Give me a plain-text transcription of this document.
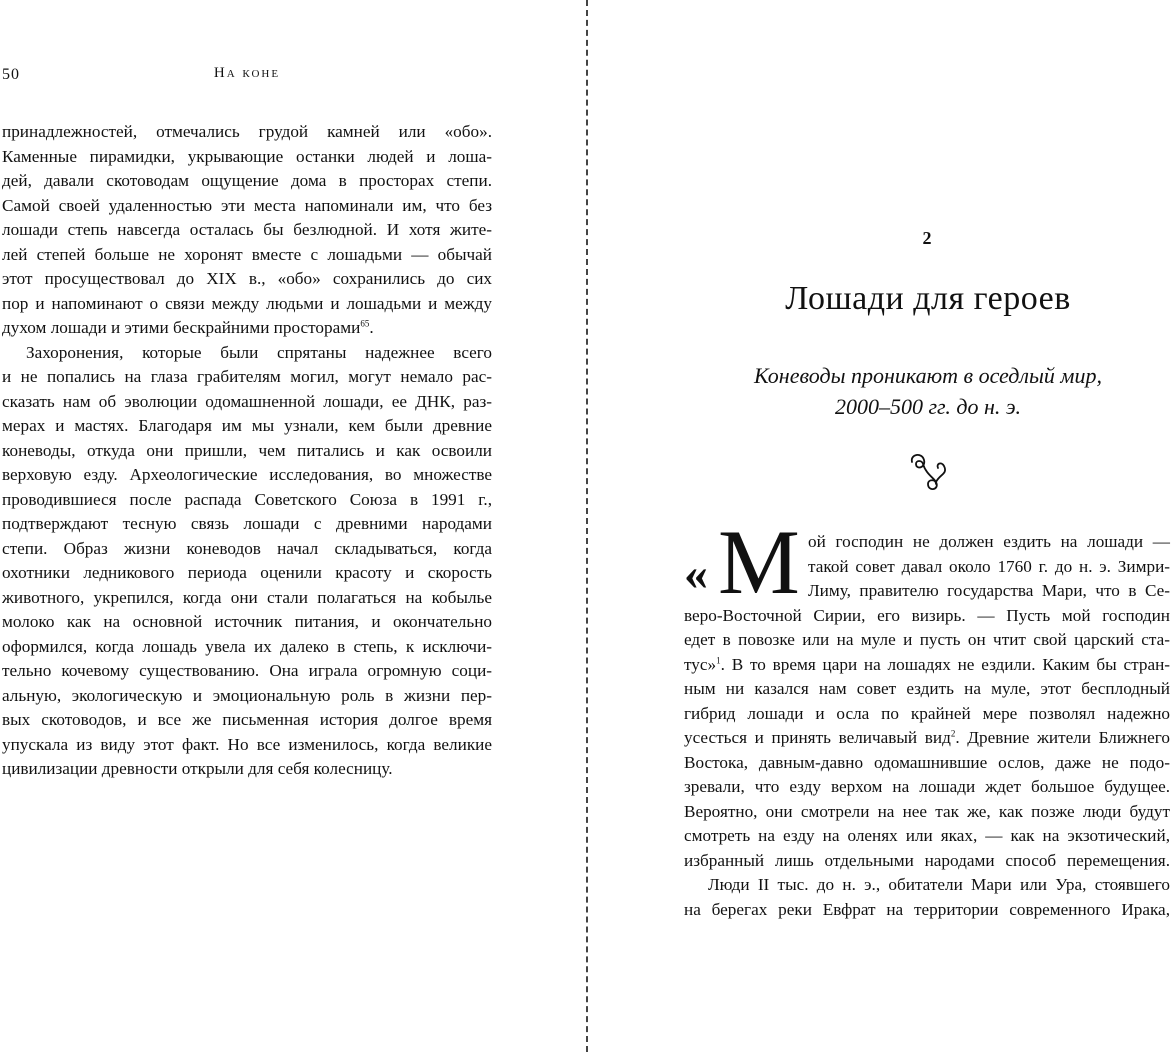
50	На коне
принадлежностей, отмечались грудой камней или «обо».
Каменные пирамидки, укрывающие останки людей и лоша-
дей, давали скотоводам ощущение дома в просторах степи.
Самой своей удаленностью эти места напоминали им, что без
лошади степь навсегда осталась бы безлюдной. И хотя жите-
лей степей больше не хоронят вместе с лошадьми — обычай
этот просуществовал до XIX в., «обо» сохранились до сих
пор и напоминают о связи между людьми и лошадьми и между
духом лошади и этими бескрайними просторами$^{65}$.
Захоронения, которые были спрятаны надежнее всего
и не попались на глаза грабителям могил, могут немало рас-
сказать нам об эволюции одомашненной лошади, ее ДНК, раз-
мерах и мастях. Благодаря им мы узнали, кем были древние
коневоды, откуда они пришли, чем питались и как освоили
верховую езду. Археологические исследования, во множестве
проводившиеся после распада Советского Союза в 1991 г.,
подтверждают тесную связь лошади с древними народами
степи. Образ жизни коневодов начал складываться, когда
охотники ледникового периода оценили красоту и скорость
животного, укрепился, когда они стали полагаться на кобылье
молоко как на основной источник питания, и окончательно
оформился, когда лошадь увела их далеко в степь, к исключи-
тельно кочевому существованию. Она играла огромную соци-
альную, экологическую и эмоциональную роль в жизни пер-
вых скотоводов, и все же письменная история долгое время
упускала из виду этот факт. Но все изменилось, когда великие
цивилизации древности открыли для себя колесницу.
2
Лошади для героев
Коневоды проникают в оседлый мир,
2000–500 гг. до н. э.
« М ой господин не должен ездить на лошади —
такой совет давал около 1760 г. до н. э. Зимри-
Лиму, правителю государства Мари, что в Се-
веро-Восточной Сирии, его визирь. — Пусть мой господин
едет в повозке или на муле и пусть он чтит свой царский ста-
тус»$^1$. В то время цари на лошадях не ездили. Каким бы стран-
ным ни казался нам совет ездить на муле, этот бесплодный
гибрид лошади и осла по крайней мере позволял надежно
усесться и принять величавый вид$^2$. Древние жители Ближнего
Востока, давным-давно одомашнившие ослов, даже не подо-
зревали, что езду верхом на лошади ждет большое будущее.
Вероятно, они смотрели на нее так же, как позже люди будут
смотреть на езду на оленях или яках, — как на экзотический,
избранный лишь отдельными народами способ перемещения.
Люди II тыс. до н. э., обитатели Мари или Ура, стоявшего
на берегах реки Евфрат на территории современного Ирака,
